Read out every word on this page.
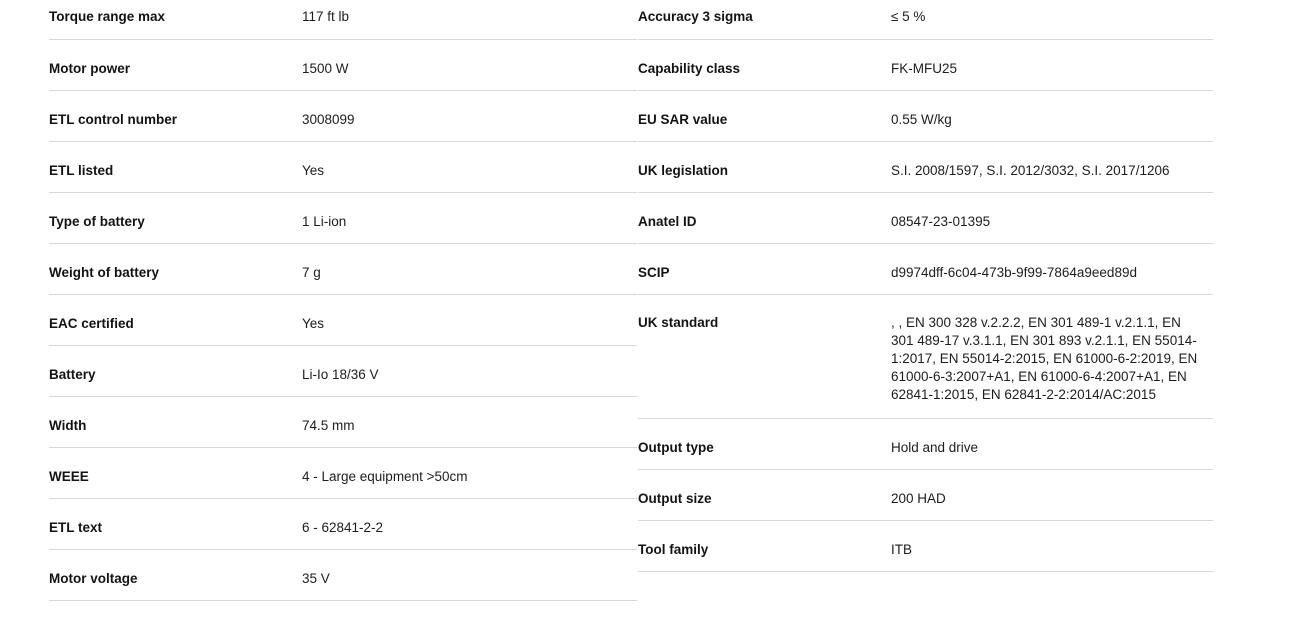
Torque range max	117 ft lb
Motor power	1500 W
ETL control number	3008099
ETL listed	Yes
Type of battery	1 Li-ion
Weight of battery	7 g
EAC certified	Yes
Battery	Li-Io 18/36 V
Width	74.5 mm
WEEE	4 - Large equipment >50cm
ETL text	6 - 62841-2-2
Motor voltage	35 V
Accuracy 3 sigma	≤ 5 %
Capability class	FK-MFU25
EU SAR value	0.55 W/kg
UK legislation	S.I. 2008/1597, S.I. 2012/3032, S.I. 2017/1206
Anatel ID	08547-23-01395
SCIP	d9974dff-6c04-473b-9f99-7864a9eed89d
UK standard	, , EN 300 328 v.2.2.2, EN 301 489-1 v.2.1.1, EN 301 489-17 v.3.1.1, EN 301 893 v.2.1.1, EN 55014-1:2017, EN 55014-2:2015, EN 61000-6-2:2019, EN 61000-6-3:2007+A1, EN 61000-6-4:2007+A1, EN 62841-1:2015, EN 62841-2-2:2014/AC:2015
Output type	Hold and drive
Output size	200 HAD
Tool family	ITB
